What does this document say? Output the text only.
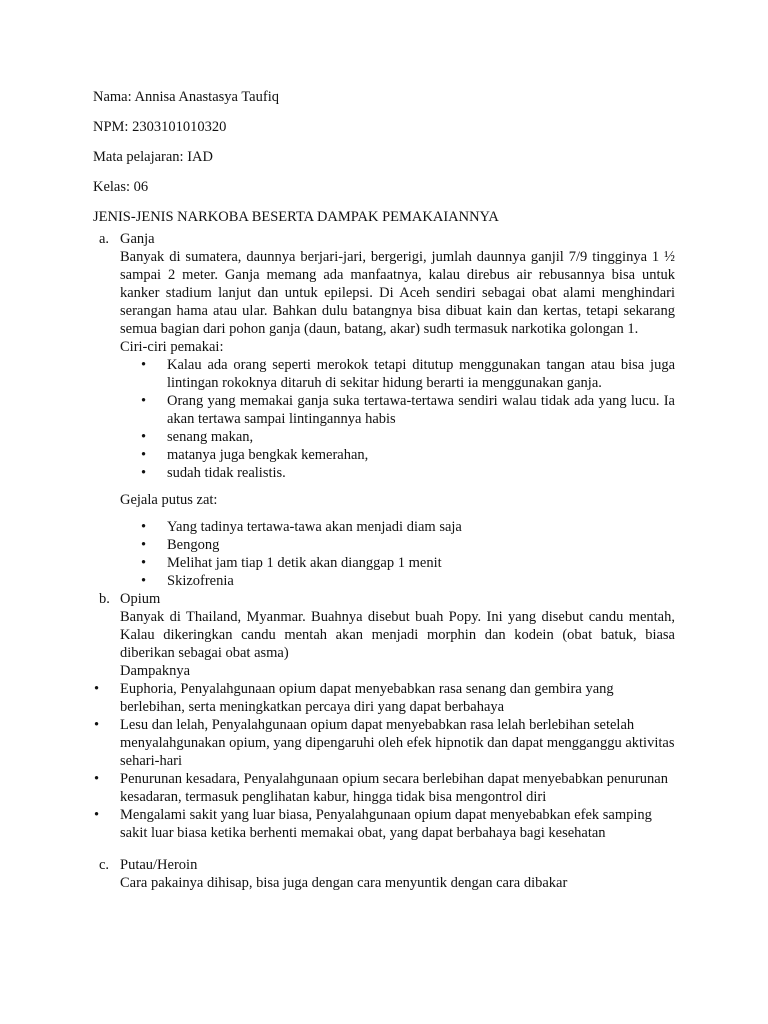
Nama: Annisa Anastasya Taufiq
NPM: 2303101010320
Mata pelajaran: IAD
Kelas: 06
JENIS-JENIS NARKOBA BESERTA DAMPAK PEMAKAIANNYA
a. Ganja
Banyak di sumatera, daunnya berjari-jari, bergerigi, jumlah daunnya ganjil 7/9 tingginya 1 ½ sampai 2 meter. Ganja memang ada manfaatnya, kalau direbus air rebusannya bisa untuk kanker stadium lanjut dan untuk epilepsi. Di Aceh sendiri sebagai obat alami menghindari serangan hama atau ular. Bahkan dulu batangnya bisa dibuat kain dan kertas, tetapi sekarang semua bagian dari pohon ganja (daun, batang, akar) sudh termasuk narkotika golongan 1.
Ciri-ciri pemakai:
• Kalau ada orang seperti merokok tetapi ditutup menggunakan tangan atau bisa juga lintingan rokoknya ditaruh di sekitar hidung berarti ia menggunakan ganja.
• Orang yang memakai ganja suka tertawa-tertawa sendiri walau tidak ada yang lucu. Ia akan tertawa sampai lintingannya habis
• senang makan,
• matanya juga bengkak kemerahan,
• sudah tidak realistis.
Gejala putus zat:
• Yang tadinya tertawa-tawa akan menjadi diam saja
• Bengong
• Melihat jam tiap 1 detik akan dianggap 1 menit
• Skizofrenia
b. Opium
Banyak di Thailand, Myanmar. Buahnya disebut buah Popy. Ini yang disebut candu mentah, Kalau dikeringkan candu mentah akan menjadi morphin dan kodein (obat batuk, biasa diberikan sebagai obat asma)
Dampaknya
• Euphoria, Penyalahgunaan opium dapat menyebabkan rasa senang dan gembira yang berlebihan, serta meningkatkan percaya diri yang dapat berbahaya
• Lesu dan lelah, Penyalahgunaan opium dapat menyebabkan rasa lelah berlebihan setelah menyalahgunakan opium, yang dipengaruhi oleh efek hipnotik dan dapat mengganggu aktivitas sehari-hari
• Penurunan kesadara, Penyalahgunaan opium secara berlebihan dapat menyebabkan penurunan kesadaran, termasuk penglihatan kabur, hingga tidak bisa mengontrol diri
• Mengalami sakit yang luar biasa, Penyalahgunaan opium dapat menyebabkan efek samping sakit luar biasa ketika berhenti memakai obat, yang dapat berbahaya bagi kesehatan
c. Putau/Heroin
Cara pakainya dihisap, bisa juga dengan cara menyuntik dengan cara dibakar
